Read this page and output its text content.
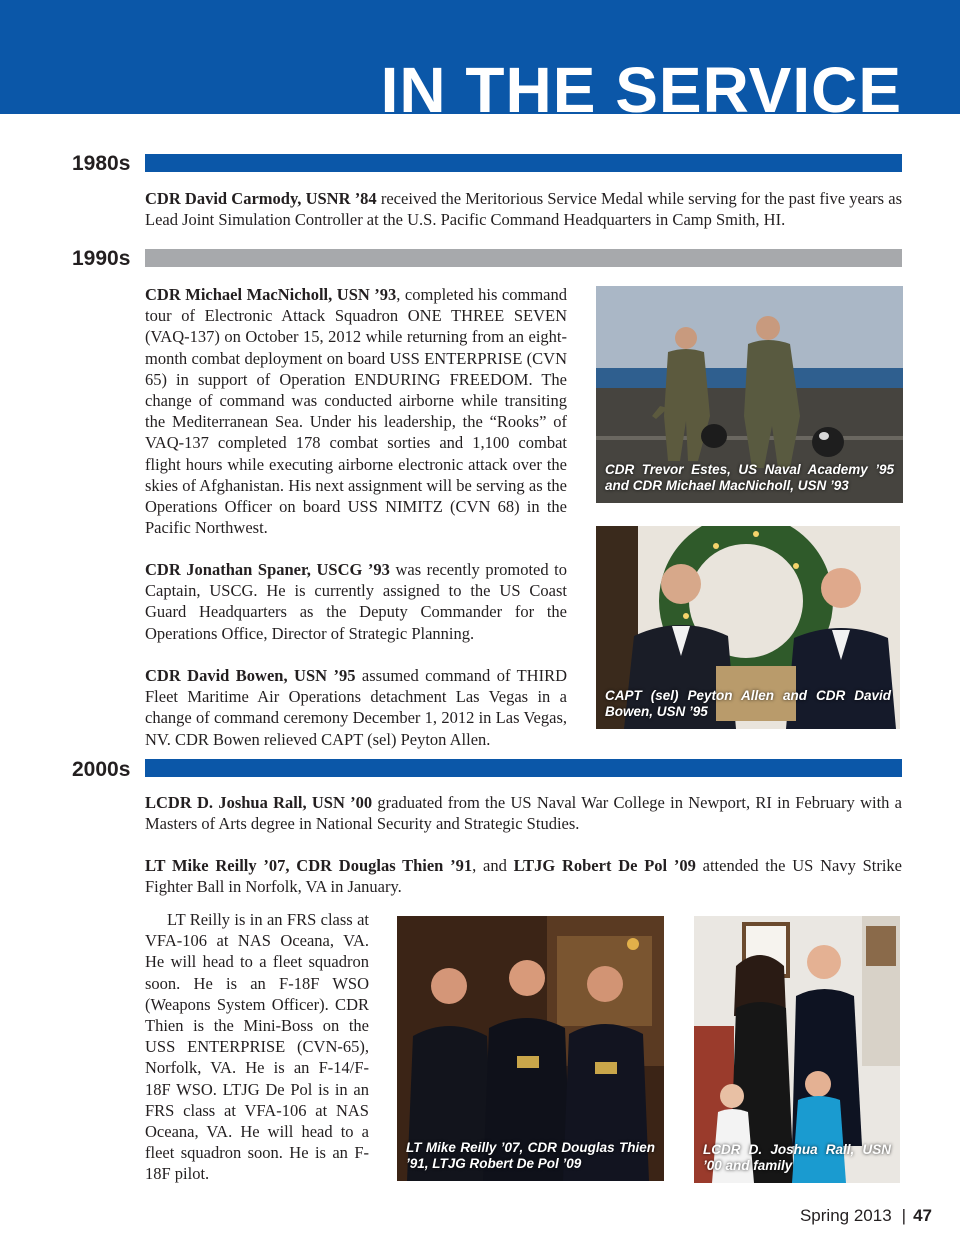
IN THE SERVICE
1980s

CDR David Carmody, USNR ’84 received the Meritorious Service Medal while serving for the past five years as Lead Joint Simulation Controller at the U.S. Pacific Command Headquarters in Camp Smith, HI.

1990s

CDR Michael MacNicholl, USN ’93, completed his command tour of Electronic Attack Squadron ONE THREE SEVEN (VAQ-137) on October 15, 2012 while returning from an eight-month combat deployment on board USS ENTERPRISE (CVN 65) in support of Operation ENDURING FREEDOM. The change of command was conducted airborne while transiting the Mediterranean Sea. Under his leadership, the “Rooks” of VAQ-137 completed 178 combat sorties and 1,100 combat flight hours while executing airborne electronic attack over the skies of Afghanistan. His next assignment will be serving as the Operations Officer on board USS NIMITZ (CVN 68) in the Pacific Northwest.

CDR Jonathan Spaner, USCG ’93 was recently promoted to Captain, USCG. He is currently assigned to the US Coast Guard Headquarters as the Deputy Commander for the Operations Office, Director of Strategic Planning.

CDR David Bowen, USN ’95 assumed command of THIRD Fleet Maritime Air Operations detachment Las Vegas in a change of command ceremony December 1, 2012 in Las Vegas, NV. CDR Bowen relieved CAPT (sel) Peyton Allen.

CDR Trevor Estes, US Naval Academy ’95 and CDR Michael MacNicholl, USN ’93
CAPT (sel) Peyton Allen and CDR David Bowen, USN ’95
2000s

LCDR D. Joshua Rall, USN ’00 graduated from the US Naval War College in Newport, RI in February with a Masters of Arts degree in National Security and Strategic Studies.

LT Mike Reilly ’07, CDR Douglas Thien ’91, and LTJG Robert De Pol ’09 attended the US Navy Strike Fighter Ball in Norfolk, VA in January.

LT Reilly is in an FRS class at VFA-106 at NAS Oceana, VA. He will head to a fleet squadron soon. He is an F-18F WSO (Weapons System Officer). CDR Thien is the Mini-Boss on the USS ENTERPRISE (CVN-65), Norfolk, VA. He is an F-14/F-18F WSO. LTJG De Pol is in an FRS class at VFA-106 at NAS Oceana, VA. He will head to a fleet squadron soon. He is an F-18F pilot.

LT Mike Reilly ’07, CDR Douglas Thien ’91, LTJG Robert De Pol ’09
LCDR D. Joshua Rall, USN ’00 and family
Spring 2013 | 47
